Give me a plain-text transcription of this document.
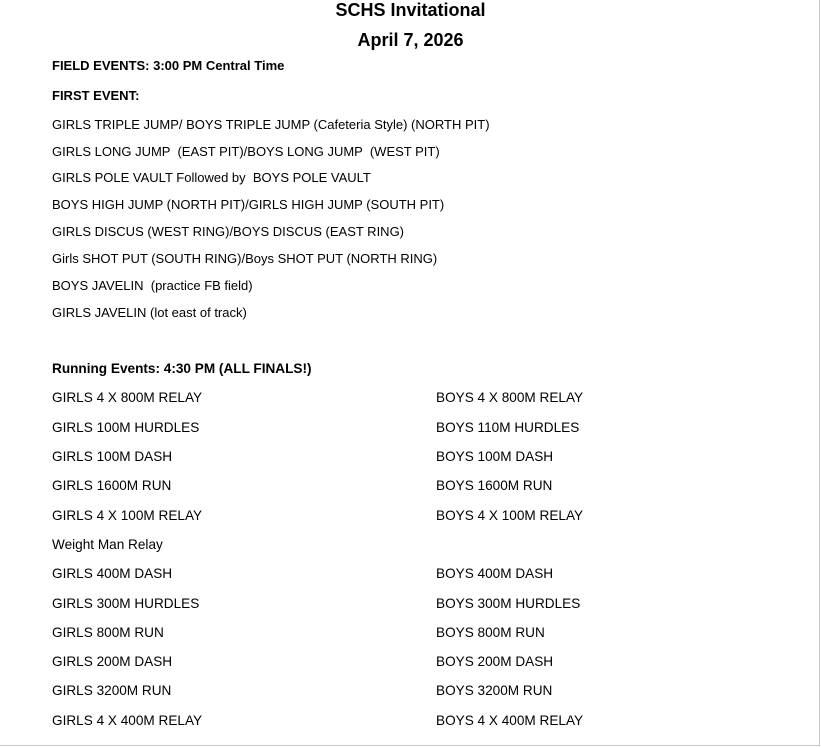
SCHS Invitational
April 7, 2026
FIELD EVENTS: 3:00 PM Central Time
FIRST EVENT:
GIRLS TRIPLE JUMP/ BOYS TRIPLE JUMP (Cafeteria Style) (NORTH PIT)
GIRLS LONG JUMP  (EAST PIT)/BOYS LONG JUMP  (WEST PIT)
GIRLS POLE VAULT Followed by  BOYS POLE VAULT
BOYS HIGH JUMP (NORTH PIT)/GIRLS HIGH JUMP (SOUTH PIT)
GIRLS DISCUS (WEST RING)/BOYS DISCUS (EAST RING)
Girls SHOT PUT (SOUTH RING)/Boys SHOT PUT (NORTH RING)
BOYS JAVELIN  (practice FB field)
GIRLS JAVELIN (lot east of track)
Running Events: 4:30 PM (ALL FINALS!)
GIRLS 4 X 800M RELAY	BOYS 4 X 800M RELAY
GIRLS 100M HURDLES	BOYS 110M HURDLES
GIRLS 100M DASH	BOYS 100M DASH
GIRLS 1600M RUN	BOYS 1600M RUN
GIRLS 4 X 100M RELAY	BOYS 4 X 100M RELAY
Weight Man Relay
GIRLS 400M DASH	BOYS 400M DASH
GIRLS 300M HURDLES	BOYS 300M HURDLES
GIRLS 800M RUN	BOYS 800M RUN
GIRLS 200M DASH	BOYS 200M DASH
GIRLS 3200M RUN	BOYS 3200M RUN
GIRLS 4 X 400M RELAY	BOYS 4 X 400M RELAY
